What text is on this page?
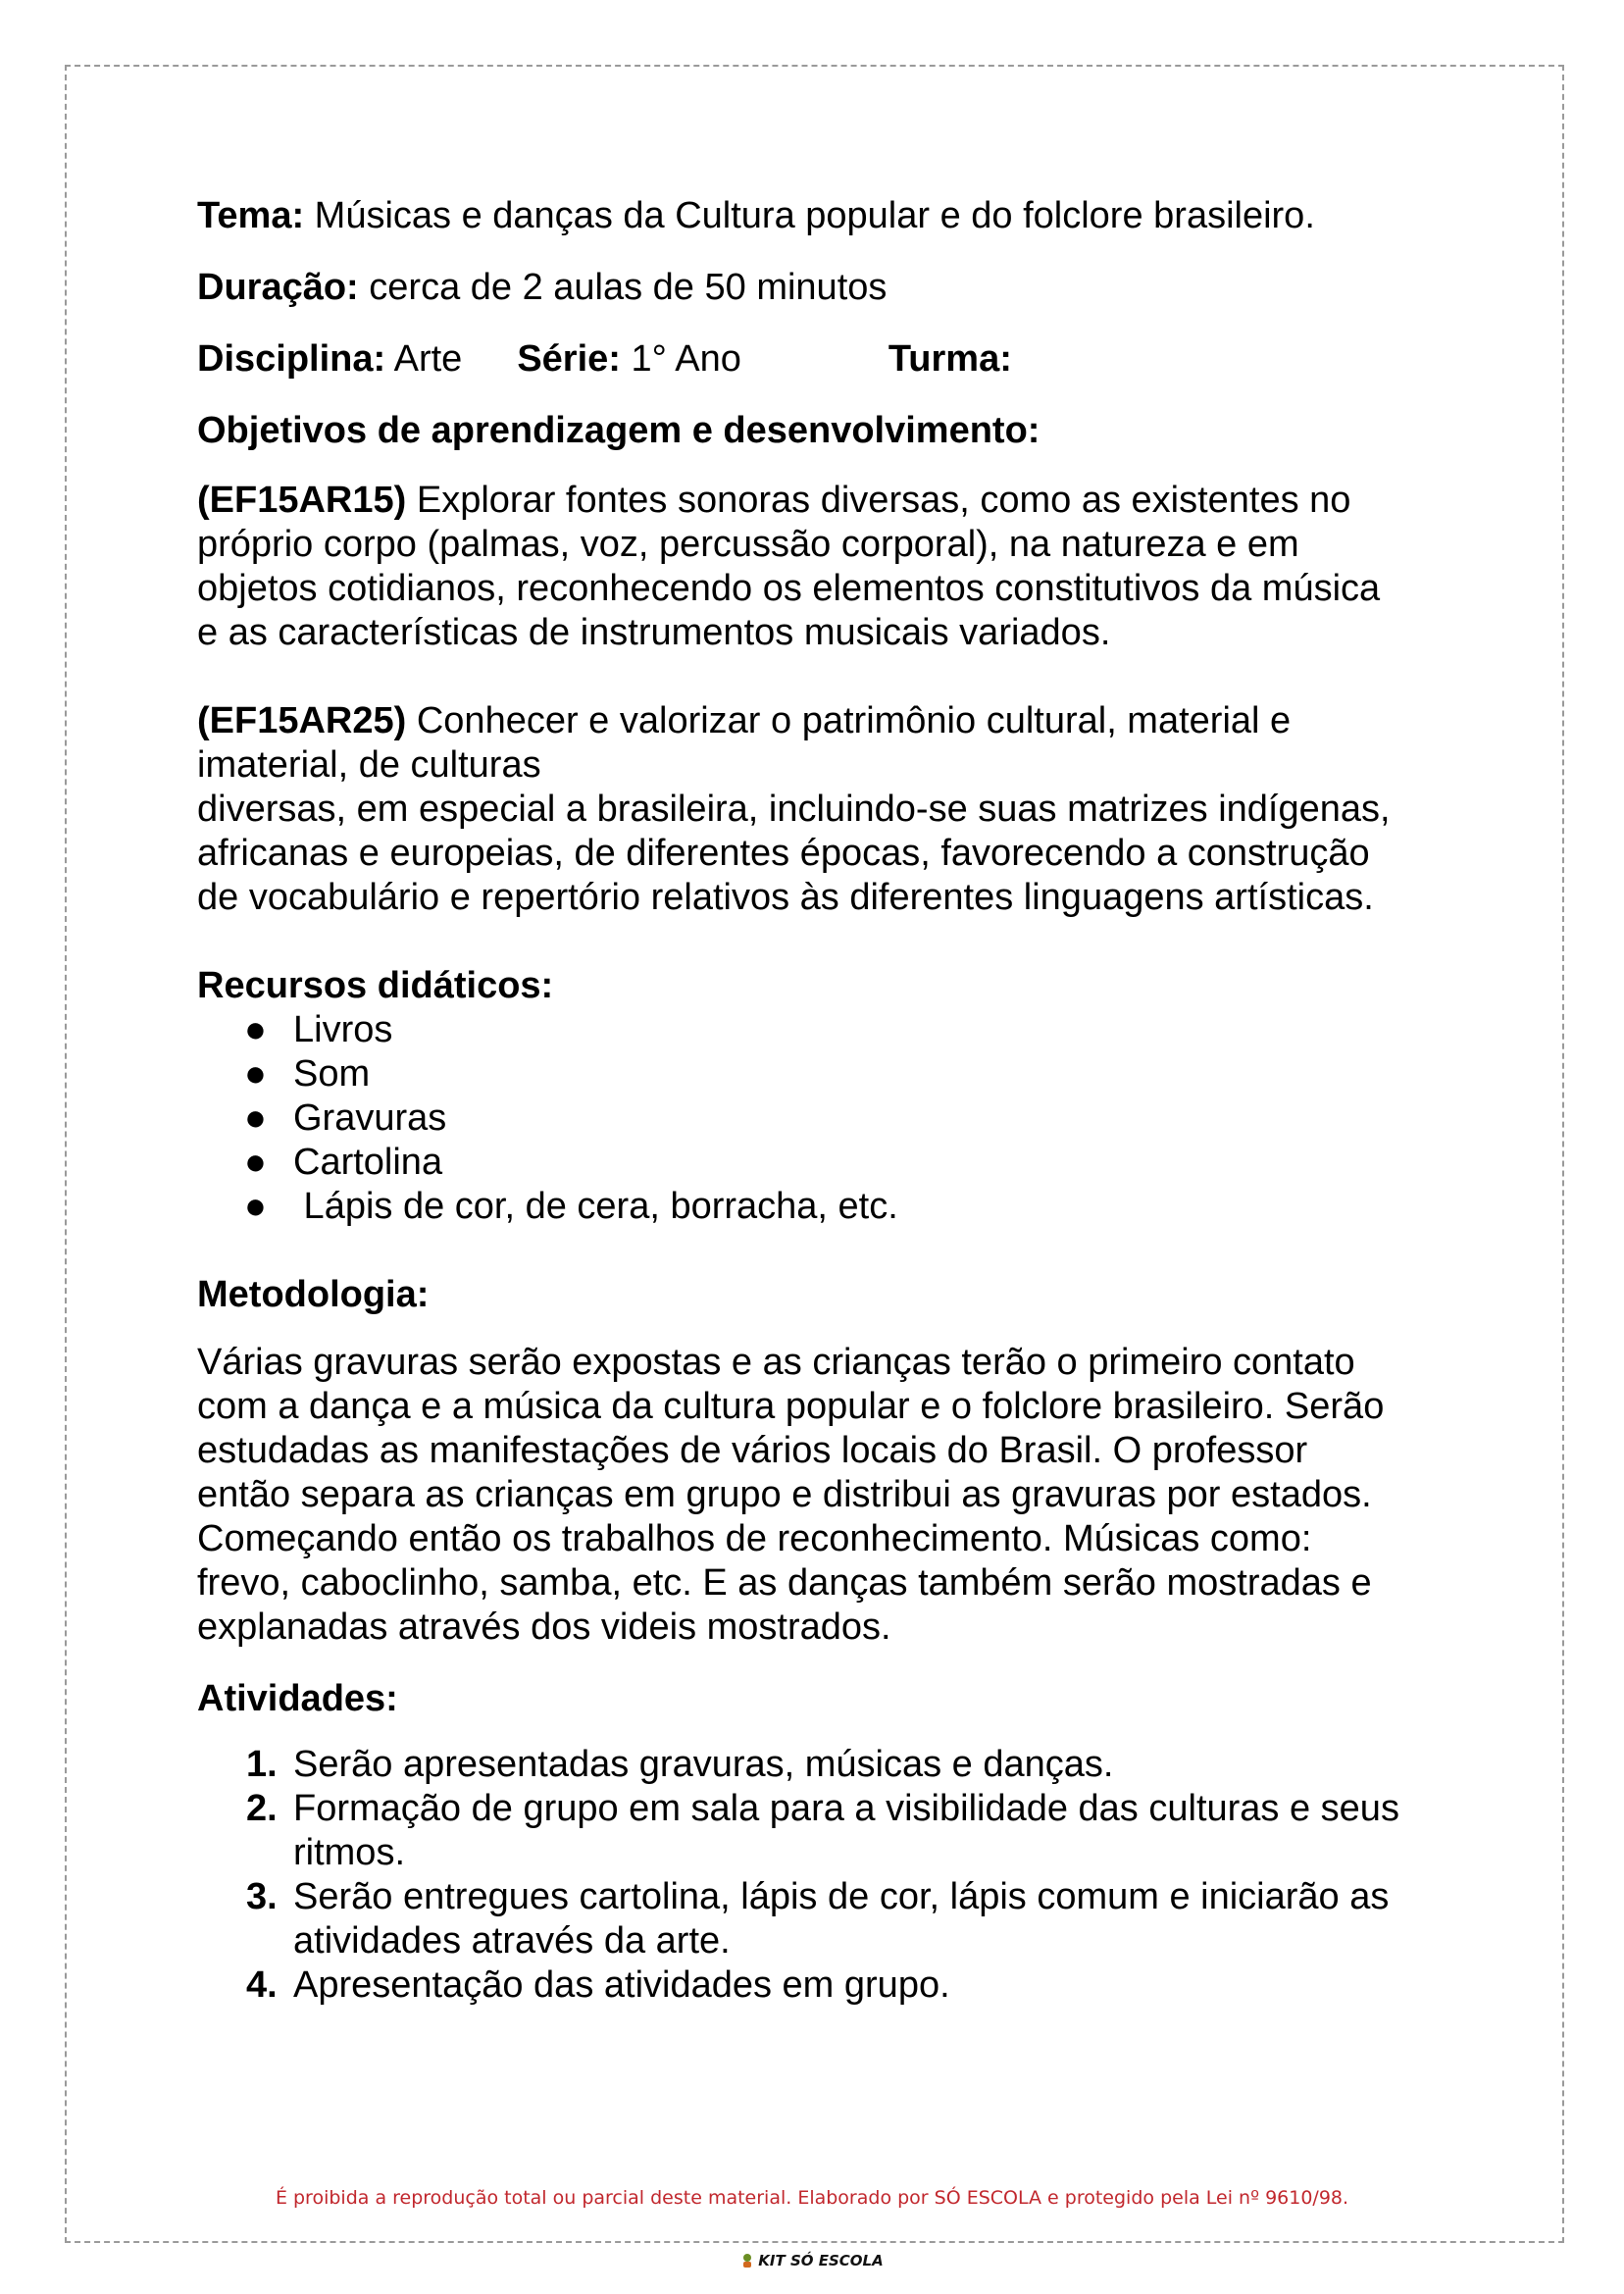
Tema: Músicas e danças da Cultura popular e do folclore brasileiro.
Duração: cerca de 2 aulas de 50 minutos
Disciplina: Arte Série: 1° Ano	Turma:

Objetivos de aprendizagem e desenvolvimento:

(EF15AR15) Explorar fontes sonoras diversas, como as existentes no
próprio corpo (palmas, voz, percussão corporal), na natureza e em
objetos cotidianos, reconhecendo os elementos constitutivos da música
e as características de instrumentos musicais variados.

(EF15AR25) Conhecer e valorizar o patrimônio cultural, material e
imaterial, de culturas
diversas, em especial a brasileira, incluindo-se suas matrizes indígenas,
africanas e europeias, de diferentes épocas, favorecendo a construção
de vocabulário e repertório relativos às diferentes linguagens artísticas.

Recursos didáticos:

● Livros
● Som
● Gravuras
● Cartolina
● Lápis de cor, de cera, borracha, etc.

Metodologia:

Várias gravuras serão expostas e as crianças terão o primeiro contato
com a dança e a música da cultura popular e o folclore brasileiro. Serão
estudadas as manifestações de vários locais do Brasil. O professor
então separa as crianças em grupo e distribui as gravuras por estados.
Começando então os trabalhos de reconhecimento. Músicas como:
frevo, caboclinho, samba, etc. E as danças também serão mostradas e
explanadas através dos videis mostrados.

Atividades:

1. Serão apresentadas gravuras, músicas e danças.
2. Formação de grupo em sala para a visibilidade das culturas e seus
ritmos.
3. Serão entregues cartolina, lápis de cor, lápis comum e iniciarão as
atividades através da arte.
4. Apresentação das atividades em grupo.
É proibida a reprodução total ou parcial deste material. Elaborado por SÓ ESCOLA e protegido pela Lei nº 9610/98.
KIT SÓ ESCOLA
